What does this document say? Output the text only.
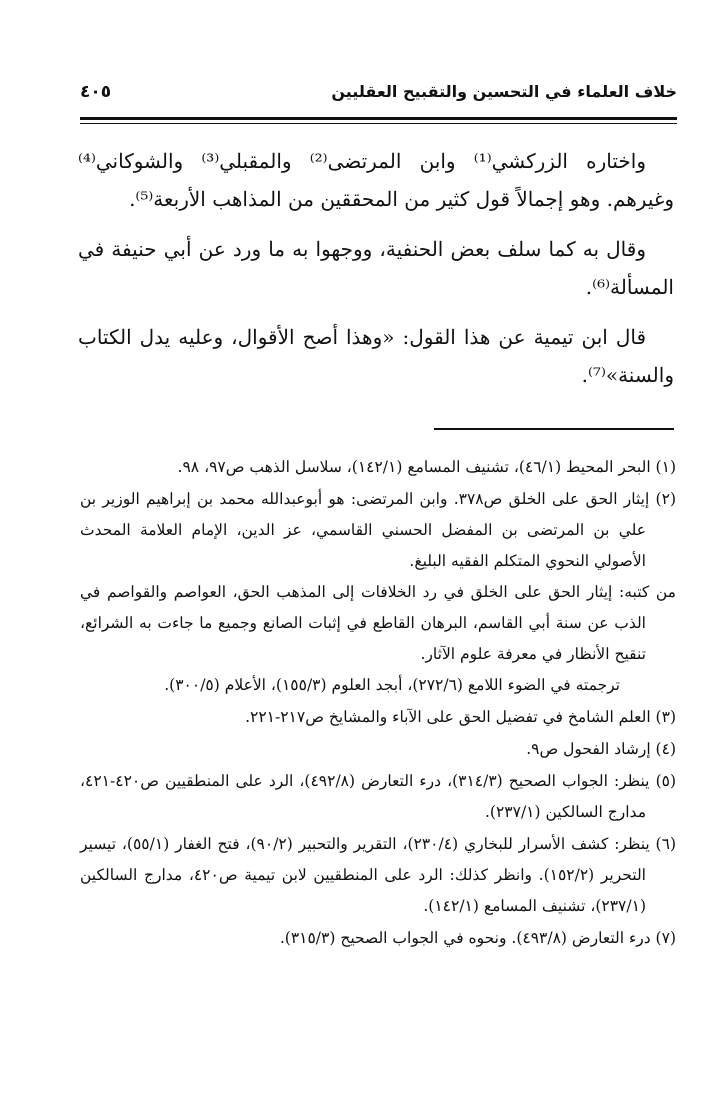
خلاف العلماء في التحسين والتقبيح العقليين
٤٠٥

واختاره الزركشي⁽¹⁾ وابن المرتضى⁽²⁾ والمقبلي⁽³⁾ والشوكاني⁽⁴⁾ وغيرهم. وهو إجمالاً قول كثير من المحققين من المذاهب الأربعة⁽⁵⁾.

وقال به كما سلف بعض الحنفية، ووجهوا به ما ورد عن أبي حنيفة في المسألة⁽⁶⁾.

قال ابن تيمية عن هذا القول: «وهذا أصح الأقوال، وعليه يدل الكتاب والسنة»⁽⁷⁾.

(١) البحر المحيط (٤٦/١)، تشنيف المسامع (١٤٢/١)، سلاسل الذهب ص٩٧، ٩٨.
(٢) إيثار الحق على الخلق ص٣٧٨. وابن المرتضى: هو أبوعبدالله محمد بن إبراهيم الوزير بن علي بن المرتضى بن المفضل الحسني القاسمي، عز الدين، الإمام العلامة المحدث الأصولي النحوي المتكلم الفقيه البليغ.
من كتبه: إيثار الحق على الخلق في رد الخلافات إلى المذهب الحق، العواصم والقواصم في الذب عن سنة أبي القاسم، البرهان القاطع في إثبات الصانع وجميع ما جاءت به الشرائع، تنقيح الأنظار في معرفة علوم الآثار.
ترجمته في الضوء اللامع (٢٧٢/٦)، أبجد العلوم (١٥٥/٣)، الأعلام (٣٠٠/٥).
(٣) العلم الشامخ في تفضيل الحق على الآباء والمشايخ ص٢١٧-٢٢١.
(٤) إرشاد الفحول ص٩.
(٥) ينظر: الجواب الصحيح (٣١٤/٣)، درء التعارض (٤٩٢/٨)، الرد على المنطقيين ص٤٢٠-٤٢١، مدارج السالكين (٢٣٧/١).
(٦) ينظر: كشف الأسرار للبخاري (٢٣٠/٤)، التقرير والتحبير (٩٠/٢)، فتح الغفار (٥٥/١)، تيسير التحرير (١٥٢/٢). وانظر كذلك: الرد على المنطقيين لابن تيمية ص٤٢٠، مدارج السالكين (٢٣٧/١)، تشنيف المسامع (١٤٢/١).
(٧) درء التعارض (٤٩٣/٨). ونحوه في الجواب الصحيح (٣١٥/٣).
